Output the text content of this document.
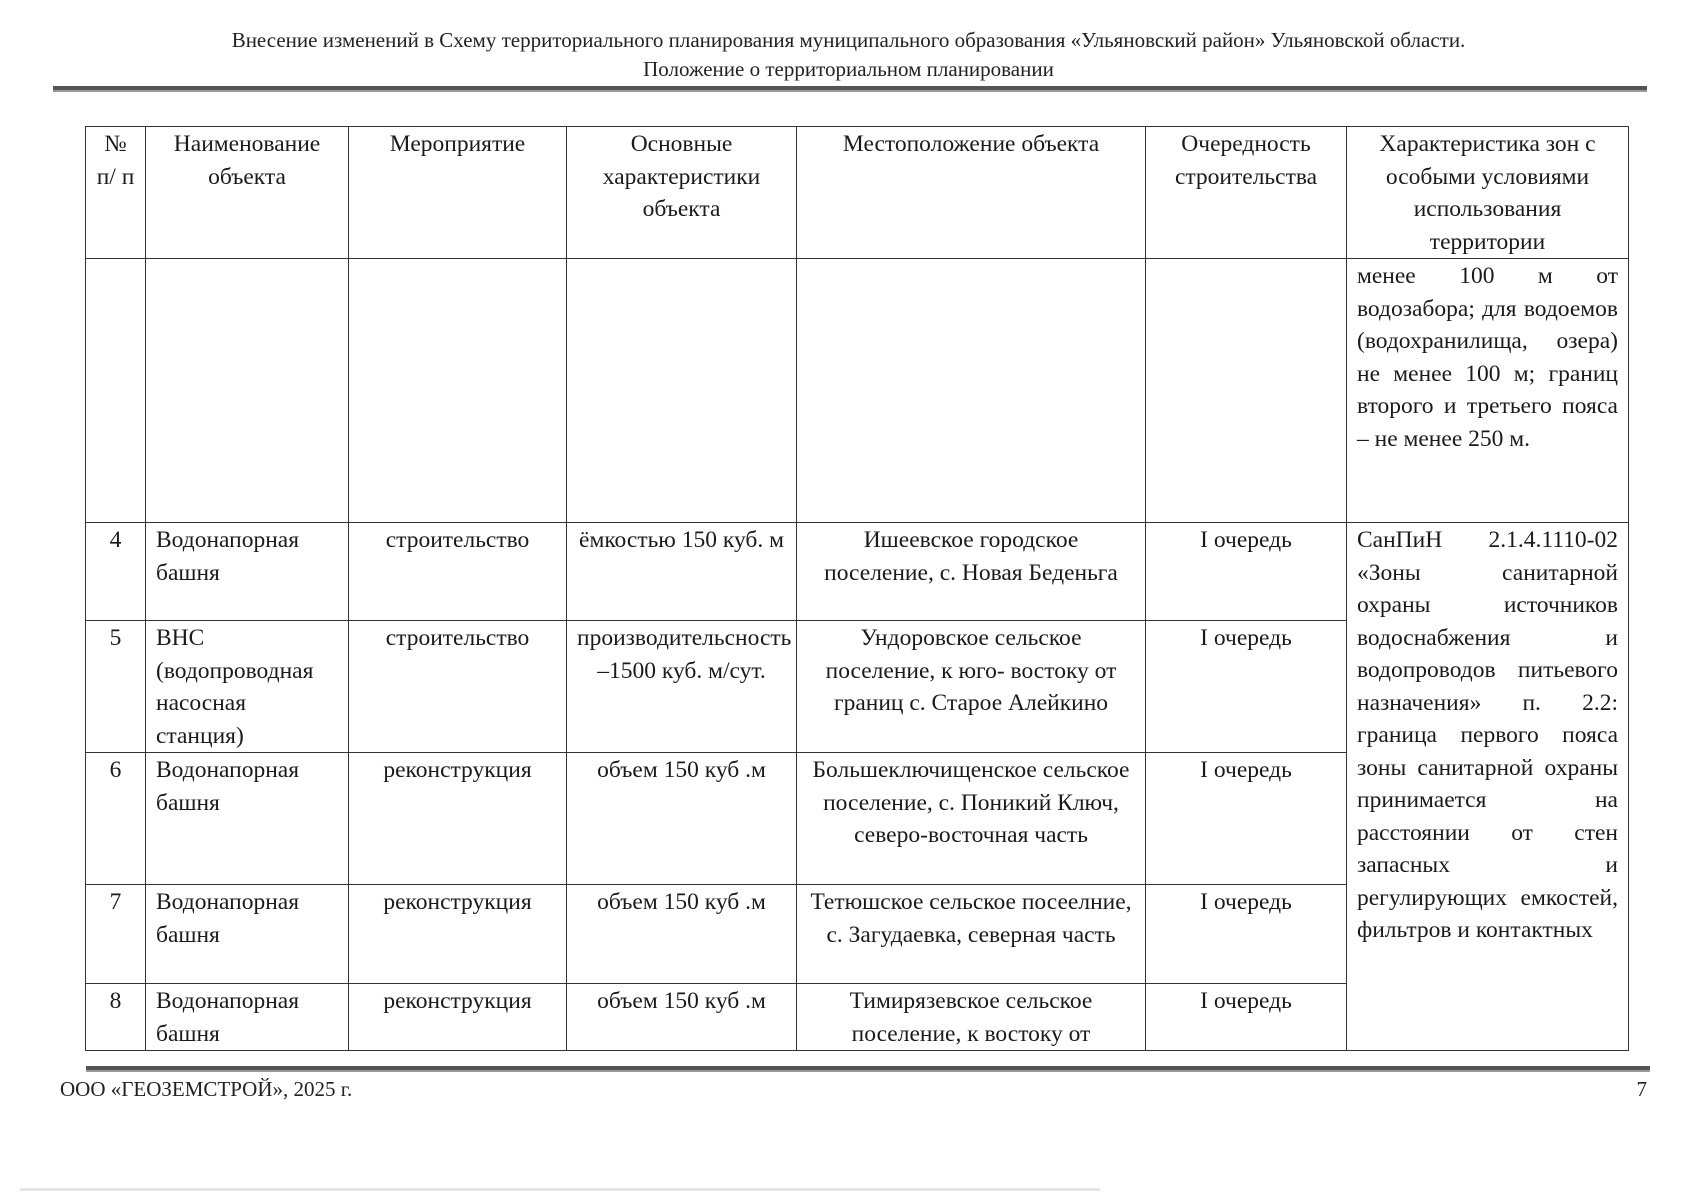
Внесение изменений в Схему территориального планирования муниципального образования «Ульяновский район» Ульяновской области.
Положение о территориальном планировании
№ п/ п	Наименование объекта	Мероприятие	Основные характеристики объекта	Местоположение объекта	Очередность строительства	Характеристика зон с особыми условиями использования территории
						менее 100 м от водозабора; для водоемов (водохранилища, озера) не менее 100 м; границ второго и третьего пояса – не менее 250 м.
4	Водонапорная башня	строительство	ёмкостью 150 куб. м	Ишеевское городское поселение, с. Новая Беденьга	I очередь	СанПиН 2.1.4.1110-02 «Зоны санитарной охраны источников водоснабжения и водопроводов питьевого назначения» п. 2.2: граница первого пояса зоны санитарной охраны принимается на расстоянии от стен запасных и регулирующих емкостей, фильтров и контактных
5	ВНС (водопроводная насосная станция)	строительство	производительсность –1500 куб. м/сут.	Ундоровское сельское поселение, к юго- востоку от границ с. Старое Алейкино	I очередь	
6	Водонапорная башня	реконструкция	объем 150 куб .м	Большеключищенское сельское поселение, с. Поникий Ключ, северо-восточная часть	I очередь	
7	Водонапорная башня	реконструкция	объем 150 куб .м	Тетюшское сельское посеелние, с. Загудаевка, северная часть	I очередь	
8	Водонапорная башня	реконструкция	объем 150 куб .м	Тимирязевское сельское поселение, к востоку от	I очередь	
ООО «ГЕОЗЕМСТРОЙ», 2025 г.	7
